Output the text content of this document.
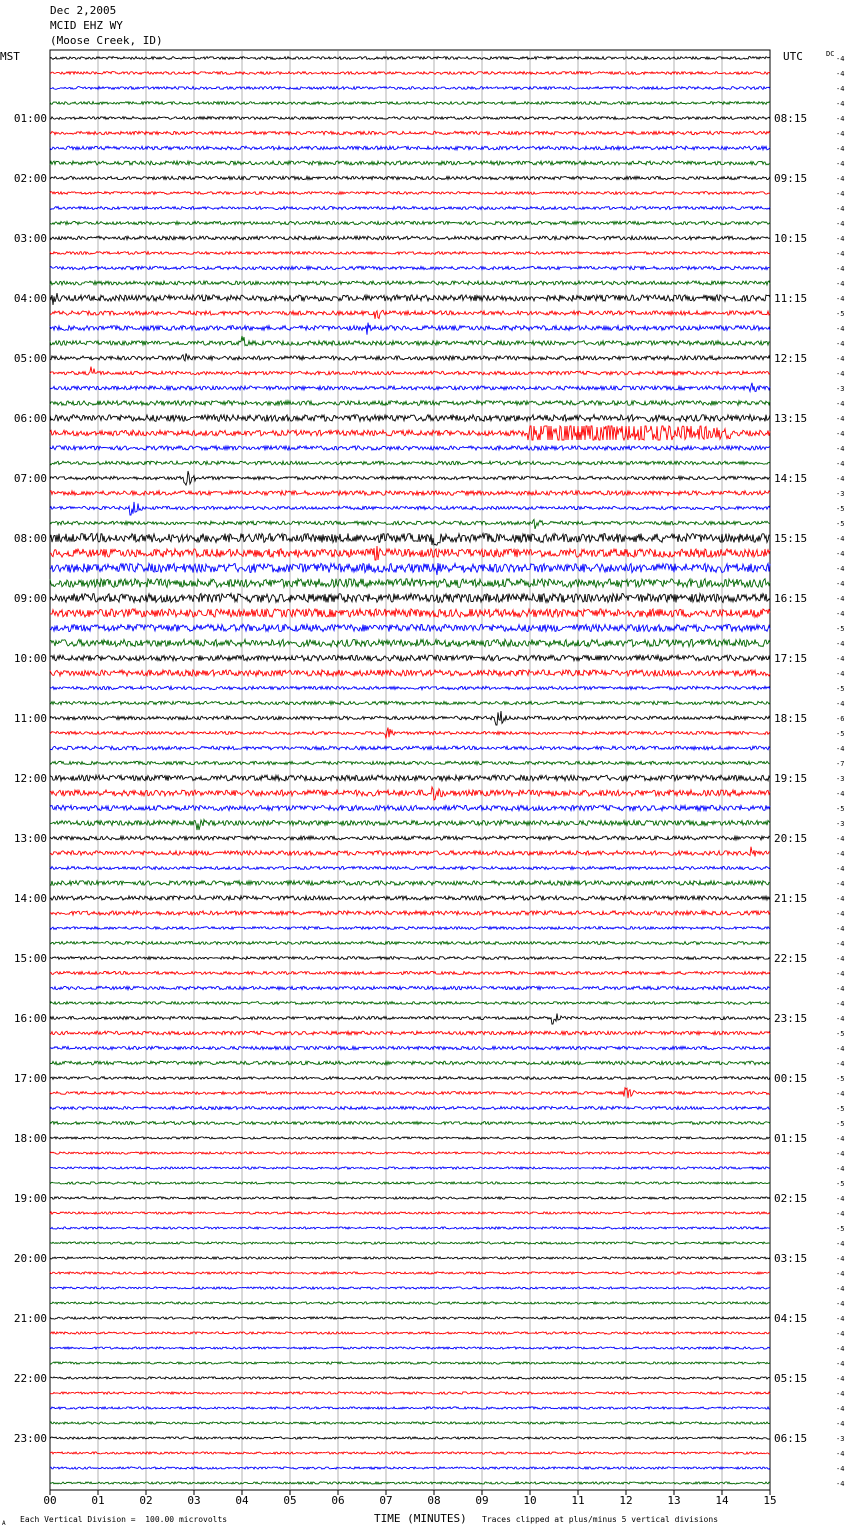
Dec 2,2005
MCID EHZ WY
(Moose Creek, ID)
MST	UTC	DC
-4
-4
-4
-4
-4
-4
-4
-4
-4
-4
-4
-4
-4
-4
-4
-4
-4
-5
-4
-4
-4
-4
-3
-4
-4
-4
-4
-4
-4
-3
-5
-5
-4
-4
-4
-4
-4
-4
-5
-4
-4
-4
-5
-4
-6
-5
-4
-7
-3
-4
-5
-3
-4
-4
-4
-4
-4
-4
-4
-4
-4
-4
-4
-4
-4
-5
-4
-4
-5
-4
-5
-5
-4
-4
-4
-5
-4
-4
-5
-4
-4
-4
-4
-4
-4
-4
-4
-4
-4
-4
-4
-4
-3
-4
-4
-4
01:00	08:15
02:00	09:15
03:00	10:15
04:00	11:15
05:00	12:15
06:00	13:15
07:00	14:15
08:00	15:15
09:00	16:15
10:00	17:15
11:00	18:15
12:00	19:15
13:00	20:15
14:00	21:15
15:00	22:15
16:00	23:15
17:00	00:15
18:00	01:15
19:00	02:15
20:00	03:15
21:00	04:15
22:00	05:15
23:00	06:15
00	01	02	03	04	05	06	07	08	09	10	11	12	13	14	15
A Each Vertical Division =  100.00 microvolts	TIME (MINUTES) Traces clipped at plus/minus 5 vertical divisions
